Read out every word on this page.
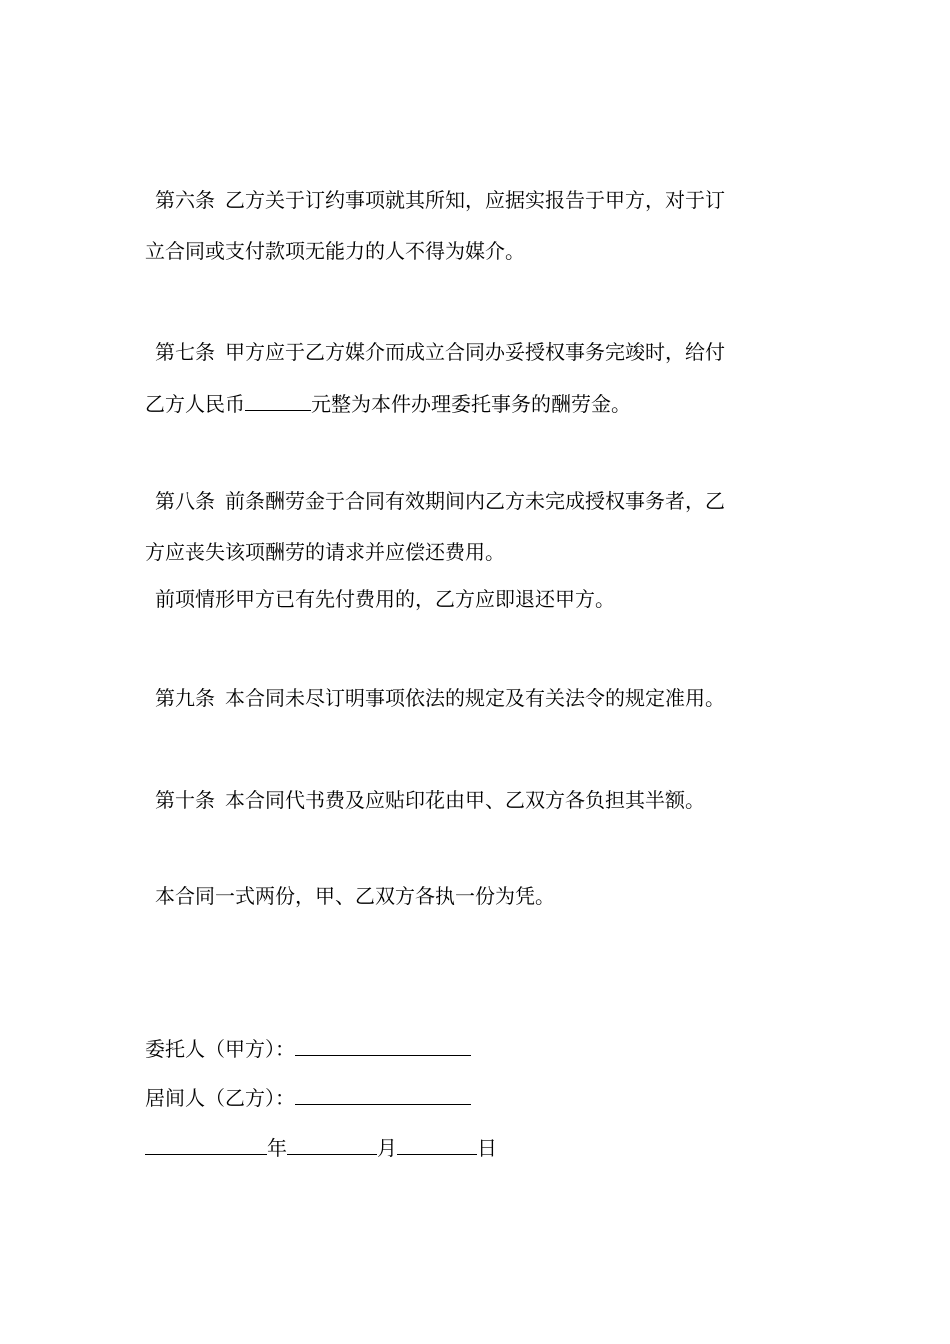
第六条 乙方关于订约事项就其所知，应据实报告于甲方，对于订
立合同或支付款项无能力的人不得为媒介。
第七条 甲方应于乙方媒介而成立合同办妥授权事务完竣时，给付
乙方人民币	元整为本件办理委托事务的酬劳金。
第八条 前条酬劳金于合同有效期间内乙方未完成授权事务者，乙
方应丧失该项酬劳的请求并应偿还费用。
前项情形甲方已有先付费用的，乙方应即退还甲方。
第九条 本合同未尽订明事项依法的规定及有关法令的规定准用。
第十条 本合同代书费及应贴印花由甲、乙双方各负担其半额。
本合同一式两份，甲、乙双方各执一份为凭。
委托人（甲方）：
居间人（乙方）：
年	月	日
